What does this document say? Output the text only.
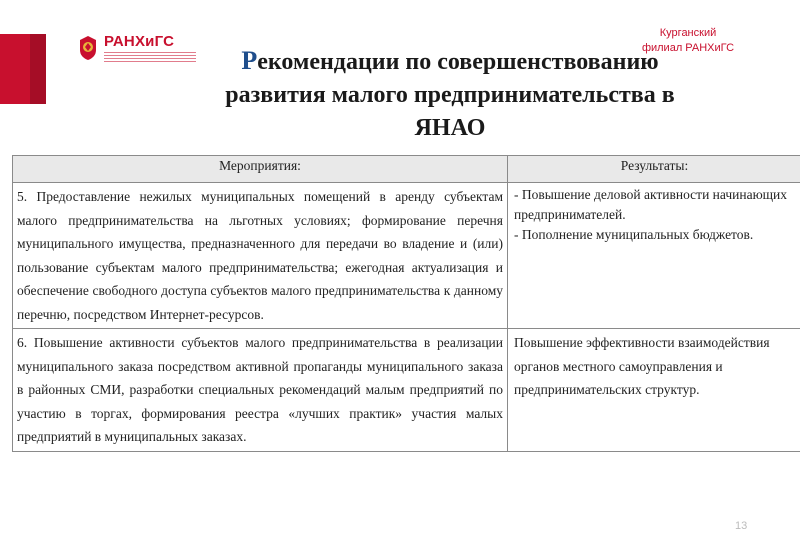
РАНХиГС	Курганский
филиал РАНХиГС
Рекомендации по совершенствованию
развития малого предпринимательства в
ЯНАО
Мероприятия:	Результаты:
5. Предоставление нежилых муниципальных помещений в аренду субъектам малого предпринимательства на льготных условиях; формирование перечня муниципального имущества, предназначенного для передачи во владение и (или) пользование субъектам малого предпринимательства; ежегодная актуализация и обеспечение свободного доступа субъектов малого предпринимательства к данному перечню, посредством Интернет-ресурсов.	- Повышение деловой активности начинающих предпринимателей.
- Пополнение муниципальных бюджетов.

6. Повышение активности субъектов малого предпринимательства в реализации муниципального заказа посредством активной пропаганды муниципального заказа в районных СМИ, разработки специальных рекомендаций малым предприятий по участию в торгах, формирования реестра «лучших практик» участия малых предприятий в муниципальных заказах.	Повышение эффективности взаимодействия органов местного самоуправления и предпринимательских структур.
13
